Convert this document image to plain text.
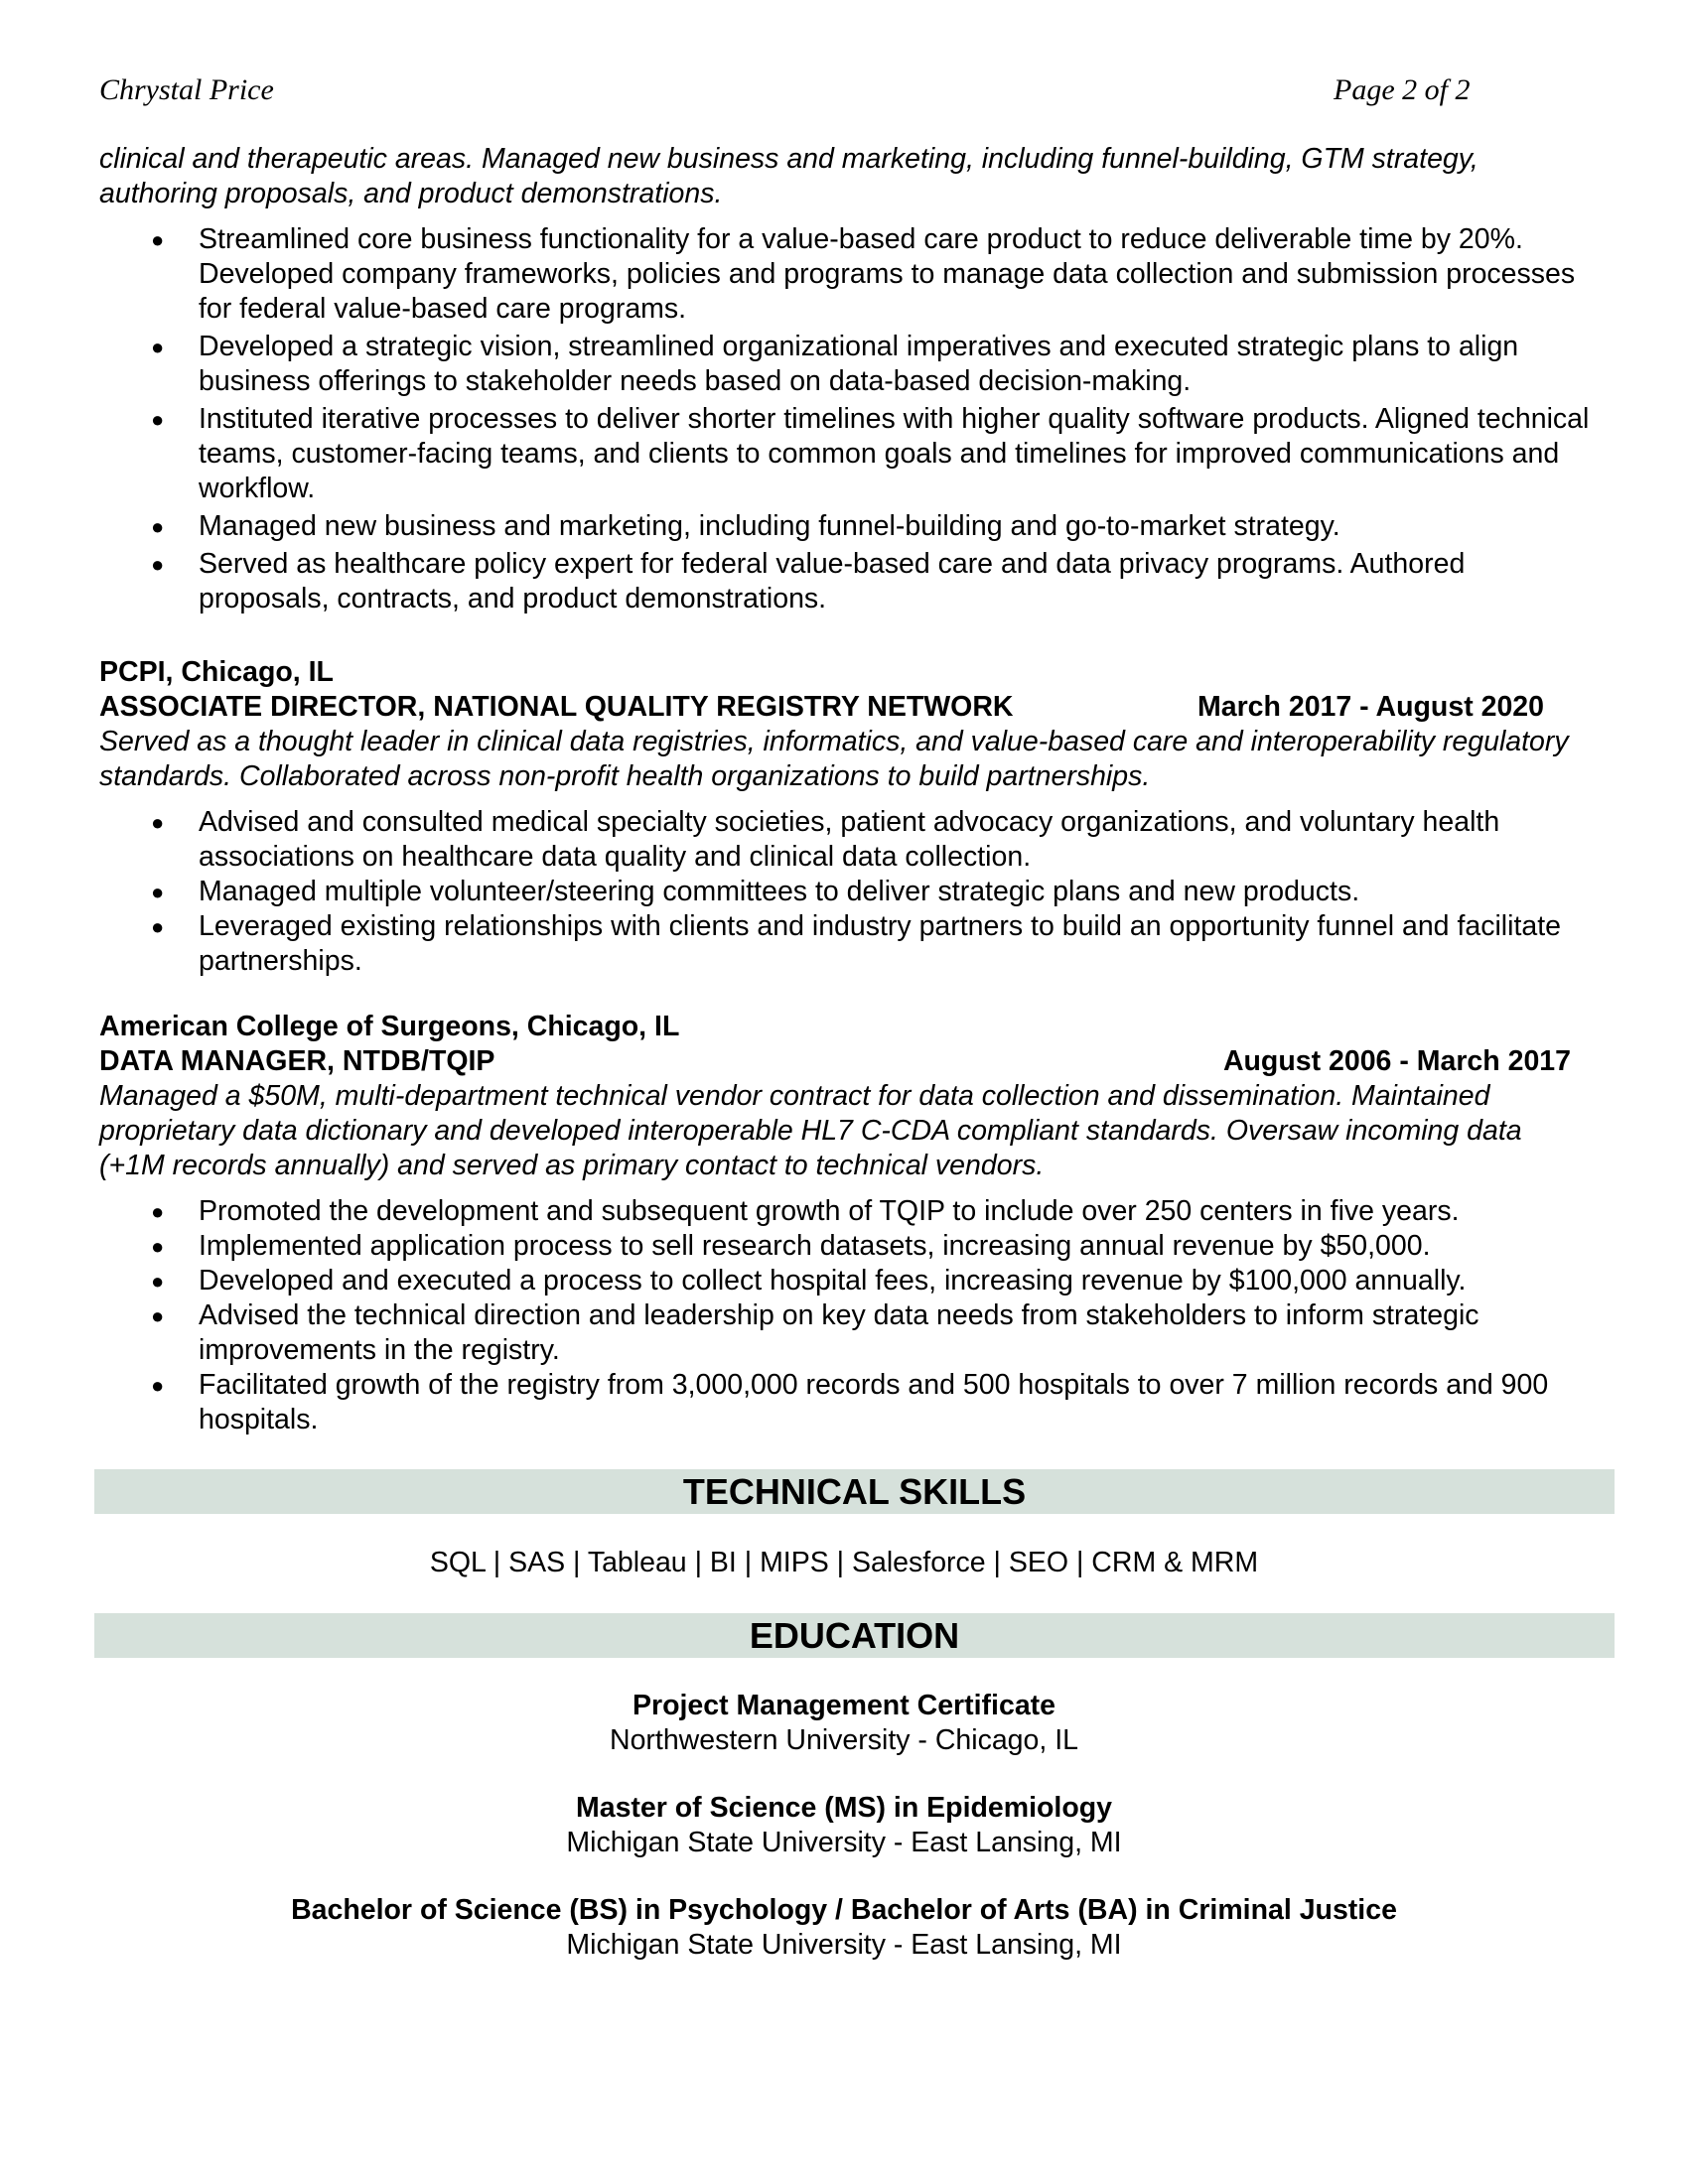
Chrystal Price	Page 2 of 2

clinical and therapeutic areas. Managed new business and marketing, including funnel-building, GTM strategy, authoring proposals, and product demonstrations.

● Streamlined core business functionality for a value-based care product to reduce deliverable time by 20%. Developed company frameworks, policies and programs to manage data collection and submission processes for federal value-based care programs.
● Developed a strategic vision, streamlined organizational imperatives and executed strategic plans to align business offerings to stakeholder needs based on data-based decision-making.
● Instituted iterative processes to deliver shorter timelines with higher quality software products. Aligned technical teams, customer-facing teams, and clients to common goals and timelines for improved communications and workflow.
● Managed new business and marketing, including funnel-building and go-to-market strategy.
● Served as healthcare policy expert for federal value-based care and data privacy programs. Authored proposals, contracts, and product demonstrations.
PCPI, Chicago, IL
ASSOCIATE DIRECTOR, NATIONAL QUALITY REGISTRY NETWORK	March 2017 - August 2020

Served as a thought leader in clinical data registries, informatics, and value-based care and interoperability regulatory standards. Collaborated across non-profit health organizations to build partnerships.

● Advised and consulted medical specialty societies, patient advocacy organizations, and voluntary health associations on healthcare data quality and clinical data collection.
● Managed multiple volunteer/steering committees to deliver strategic plans and new products.
● Leveraged existing relationships with clients and industry partners to build an opportunity funnel and facilitate partnerships.
American College of Surgeons, Chicago, IL
DATA MANAGER, NTDB/TQIP	August 2006 - March 2017

Managed a $50M, multi-department technical vendor contract for data collection and dissemination. Maintained proprietary data dictionary and developed interoperable HL7 C-CDA compliant standards. Oversaw incoming data (+1M records annually) and served as primary contact to technical vendors.

● Promoted the development and subsequent growth of TQIP to include over 250 centers in five years.
● Implemented application process to sell research datasets, increasing annual revenue by $50,000.
● Developed and executed a process to collect hospital fees, increasing revenue by $100,000 annually.
● Advised the technical direction and leadership on key data needs from stakeholders to inform strategic improvements in the registry.
● Facilitated growth of the registry from 3,000,000 records and 500 hospitals to over 7 million records and 900 hospitals.
TECHNICAL SKILLS
SQL | SAS | Tableau | BI | MIPS | Salesforce | SEO | CRM & MRM
EDUCATION
Project Management Certificate
Northwestern University - Chicago, IL
Master of Science (MS) in Epidemiology
Michigan State University - East Lansing, MI
Bachelor of Science (BS) in Psychology / Bachelor of Arts (BA) in Criminal Justice
Michigan State University - East Lansing, MI
